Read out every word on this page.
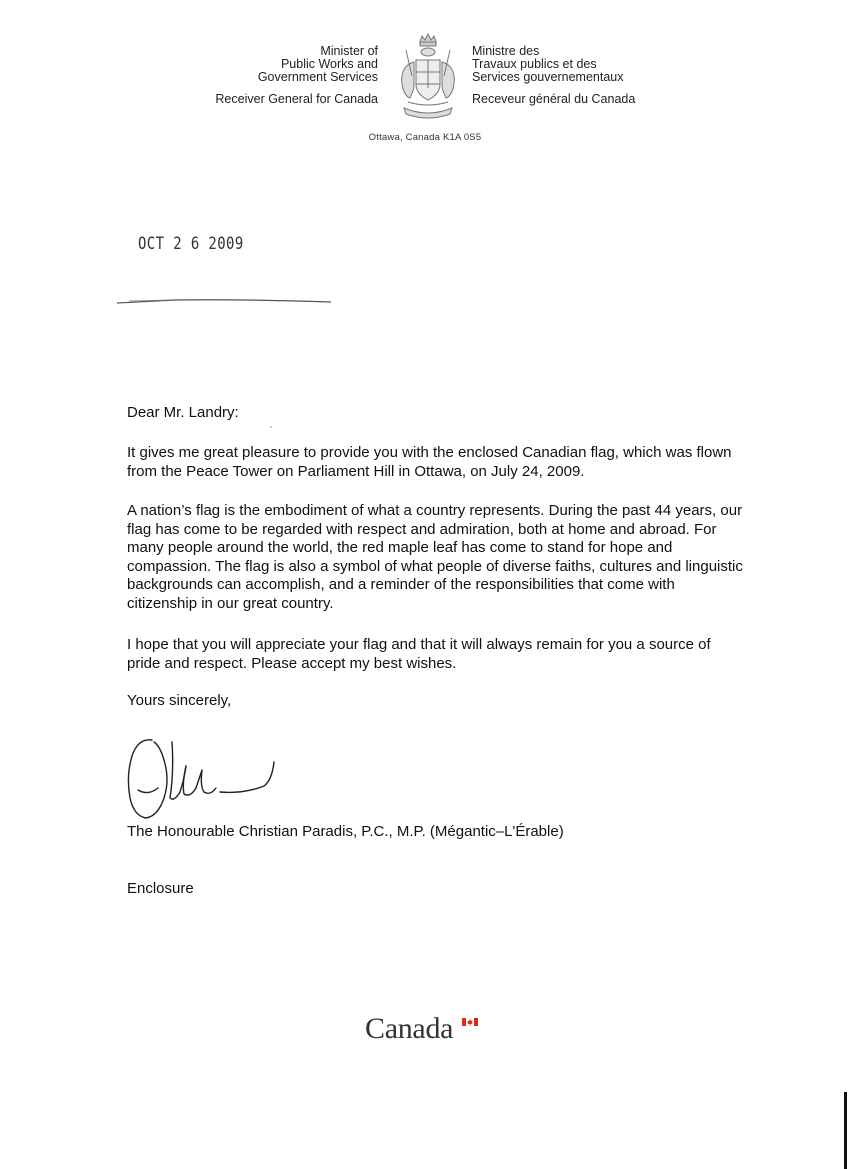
Minister of
Public Works and
Government Services
Receiver General for Canada
Ministre des
Travaux publics et des
Services gouvernementaux
Receveur général du Canada
Ottawa, Canada K1A 0S5
OCT 2 6 2009
Dear Mr. Landry:

It gives me great pleasure to provide you with the enclosed Canadian flag, which was flown from the Peace Tower on Parliament Hill in Ottawa, on July 24, 2009.

A nation’s flag is the embodiment of what a country represents. During the past 44 years, our flag has come to be regarded with respect and admiration, both at home and abroad. For many people around the world, the red maple leaf has come to stand for hope and compassion. The flag is also a symbol of what people of diverse faiths, cultures and linguistic backgrounds can accomplish, and a reminder of the responsibilities that come with citizenship in our great country.

I hope that you will appreciate your flag and that it will always remain for you a source of pride and respect. Please accept my best wishes.

Yours sincerely,
The Honourable Christian Paradis, P.C., M.P. (Mégantic–L'Érable)
Enclosure
Canada
